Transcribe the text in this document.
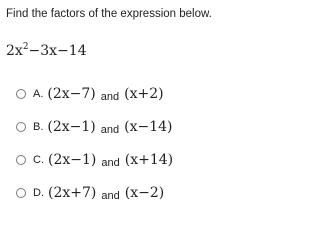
Find the factors of the expression below.
$2x^2-3x-14$
A. (2x−7) and (x+2)
B. (2x−1) and (x−14)
C. (2x−1) and (x+14)
D. (2x+7) and (x−2)
